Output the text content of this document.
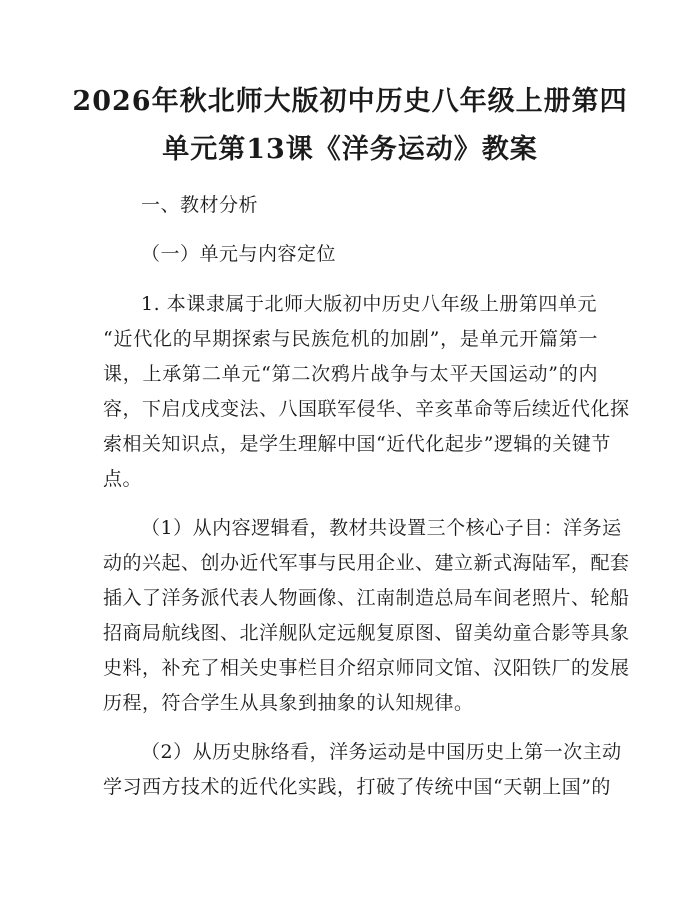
2026年秋北师大版初中历史八年级上册第四
单元第13课《洋务运动》教案
一、教材分析
（一）单元与内容定位
1. 本课隶属于北师大版初中历史八年级上册第四单元
“近代化的早期探索与民族危机的加剧”，是单元开篇第一
课，上承第二单元“第二次鸦片战争与太平天国运动”的内
容，下启戊戌变法、八国联军侵华、辛亥革命等后续近代化探
索相关知识点，是学生理解中国“近代化起步”逻辑的关键节
点。
（1）从内容逻辑看，教材共设置三个核心子目：洋务运
动的兴起、创办近代军事与民用企业、建立新式海陆军，配套
插入了洋务派代表人物画像、江南制造总局车间老照片、轮船
招商局航线图、北洋舰队定远舰复原图、留美幼童合影等具象
史料，补充了相关史事栏目介绍京师同文馆、汉阳铁厂的发展
历程，符合学生从具象到抽象的认知规律。
（2）从历史脉络看，洋务运动是中国历史上第一次主动
学习西方技术的近代化实践，打破了传统中国“天朝上国”的
